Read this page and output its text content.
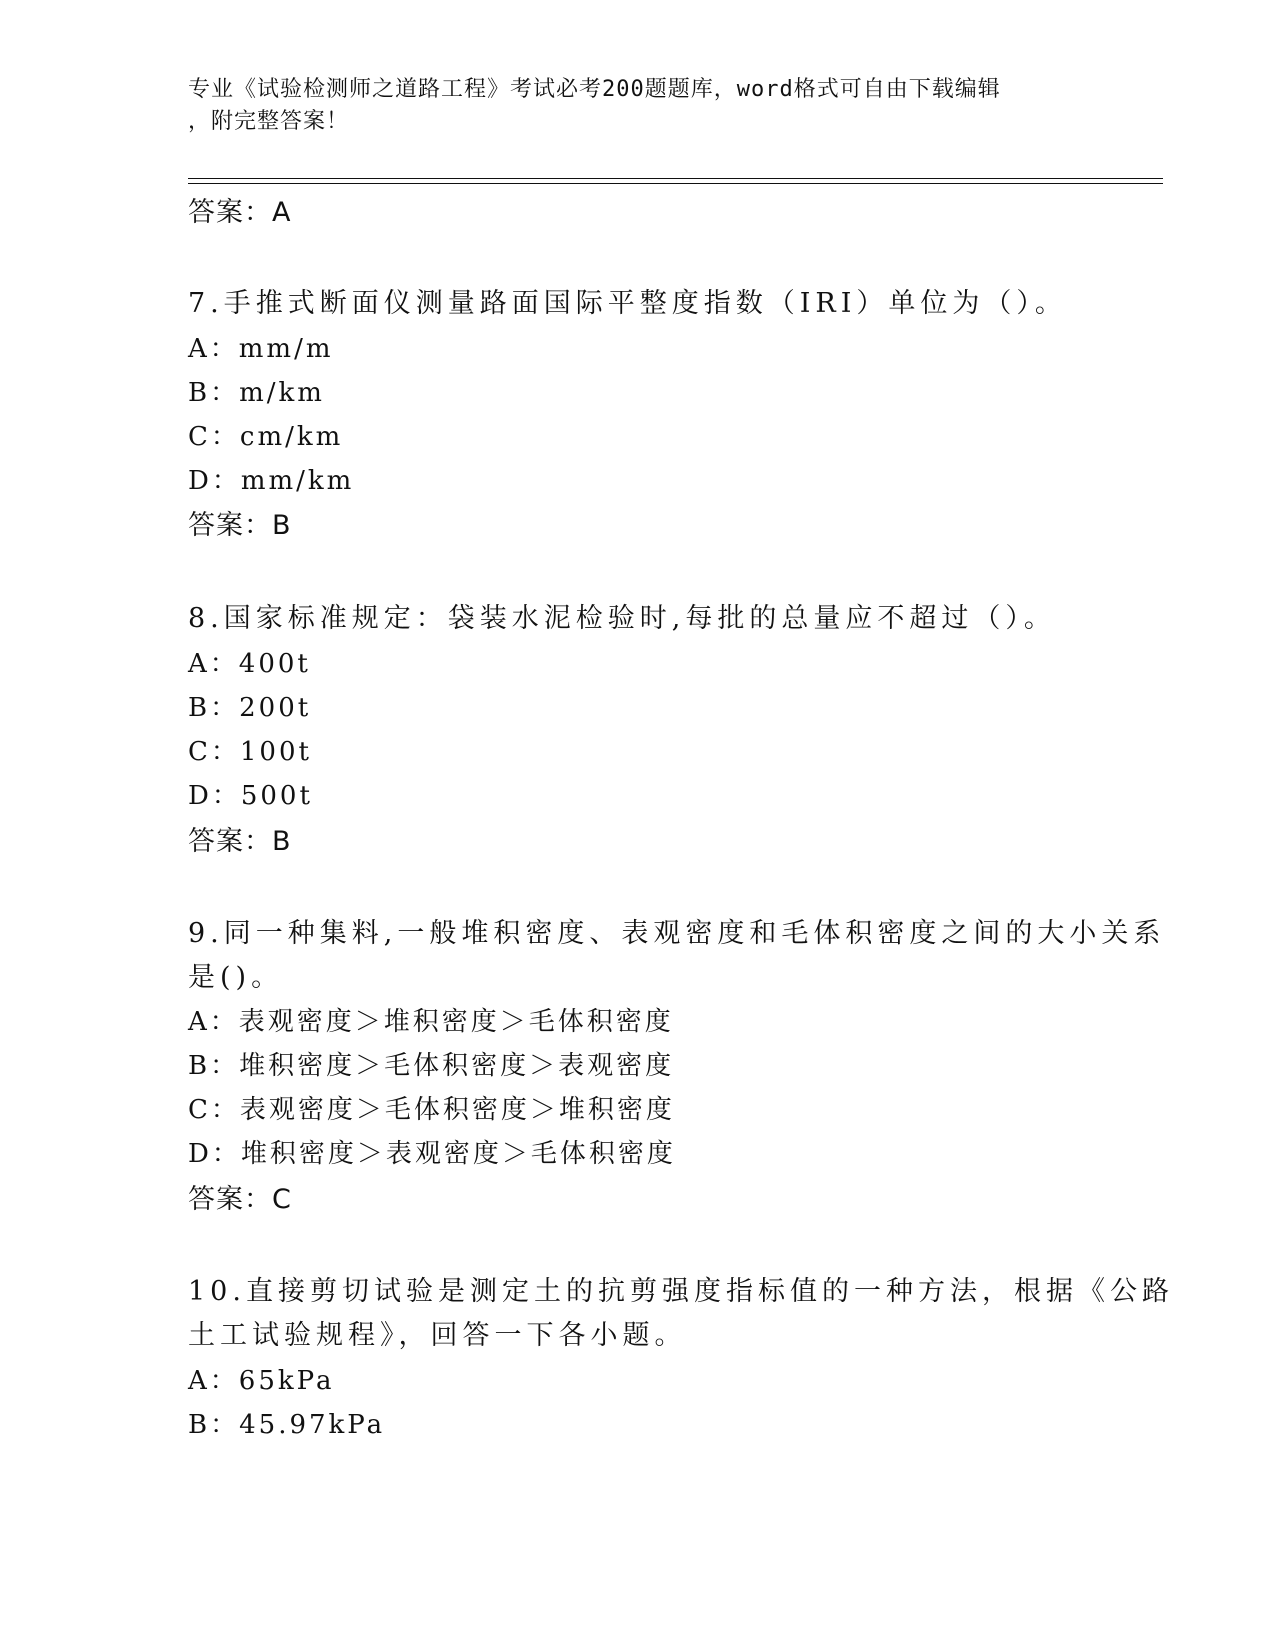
专业《试验检测师之道路工程》考试必考200题题库，word格式可自由下载编辑
，附完整答案！
答案：A
7.手推式断面仪测量路面国际平整度指数（IRI）单位为（）。
A：mm/m
B：m/km
C：cm/km
D：mm/km
答案：B
8.国家标准规定：袋装水泥检验时,每批的总量应不超过（）。
A：400t
B：200t
C：100t
D：500t
答案：B
9.同一种集料,一般堆积密度、表观密度和毛体积密度之间的大小关系
是()。
A：表观密度＞堆积密度＞毛体积密度
B：堆积密度＞毛体积密度＞表观密度
C：表观密度＞毛体积密度＞堆积密度
D：堆积密度＞表观密度＞毛体积密度
答案：C
10.直接剪切试验是测定土的抗剪强度指标值的一种方法，根据《公路
土工试验规程》，回答一下各小题。
A：65kPa
B：45.97kPa
